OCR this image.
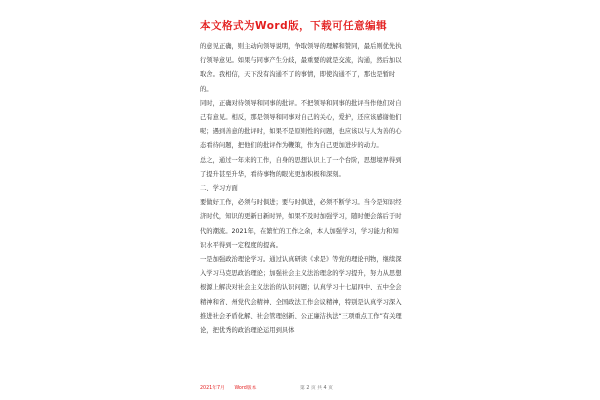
本文格式为Word版，下载可任意编辑

的意见正确，则主动向领导说明，争取领导的理解和赞同，最后则优先执行领导意见。如果与同事产生分歧，最重要的就是交流，沟通，然后加以取舍。我相信，天下没有沟通不了的事情，即使沟通不了，那也是暂时的。

同时，正确对待领导和同事的批评。不把领导和同事的批评当作他们对自己有意见。相反，那是领导和同事对自己的关心，爱护，还应该感谢他们呢；遇到善意的批评时，如果不是原则性的问题，也应该以与人为善的心态看待问题，把他们的批评作为鞭策，作为自己更加进步的动力。

总之，通过一年来的工作，自身的思想认识上了一个台阶，思想境界得到了提升甚至升华，看待事物的眼光更加积极和深刻。

二、学习方面

要做好工作，必须与时俱进；要与时俱进，必须不断学习。当今是知识经济时代，知识的更新日新时异，如果不及时加强学习，随时便会落后于时代的潮流。2021年，在繁忙的工作之余，本人加强学习，学习能力和知识水平得到一定程度的提高。

一是加强政治理论学习。通过认真研读《求是》等党的理论刊物，继续深入学习马克思政治理论；加强社会主义法治理念的学习提升，努力从思想根源上解决对社会主义法治的认识问题；认真学习十七届四中、五中全会精神和省、州党代会精神、全国政法工作会议精神，特别是认真学习深入推进社会矛盾化解、社会管理创新、公正廉洁执法“三项重点工作”有关理论，把优秀的政治理论运用到具体

2021年7月　　Word版本	第 2 页 共 4 页
